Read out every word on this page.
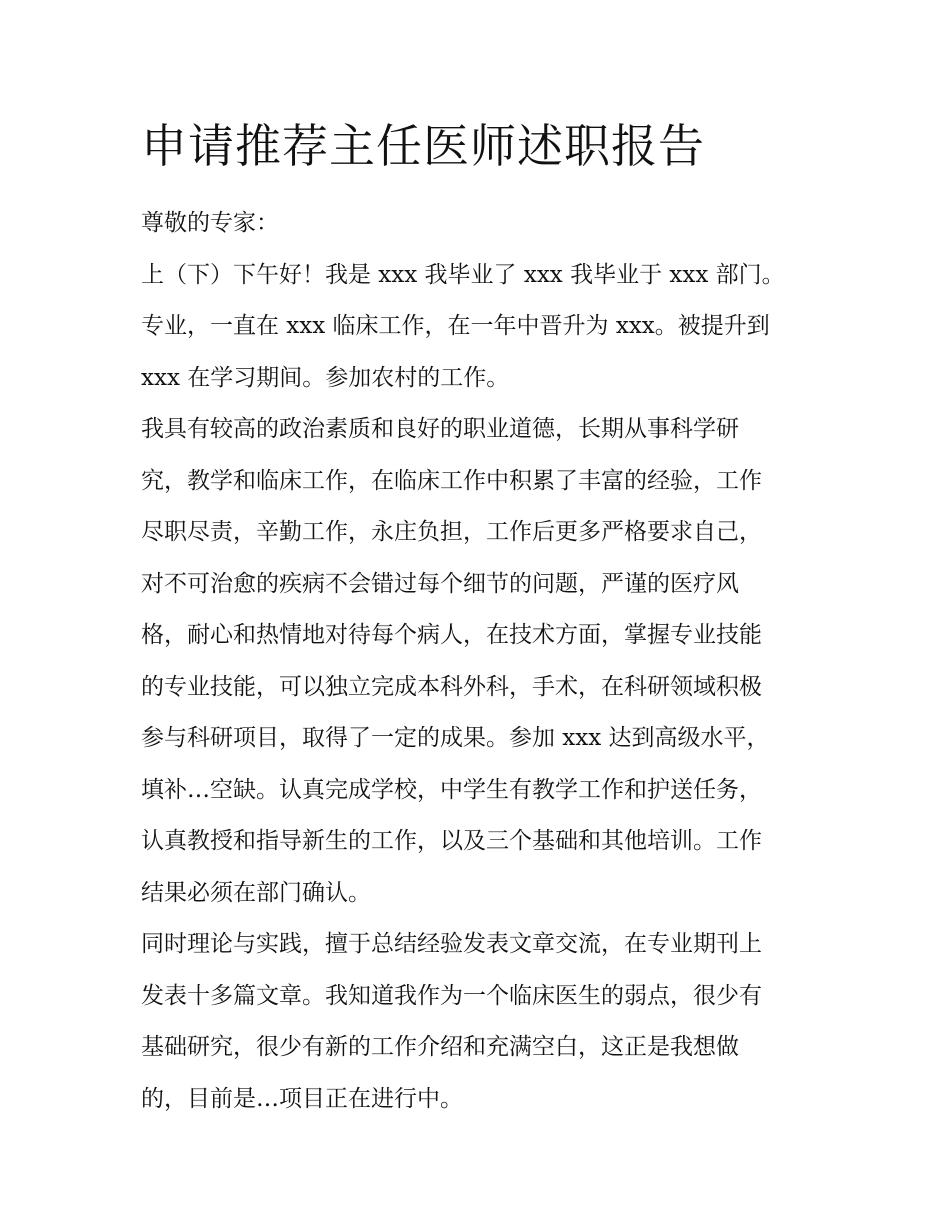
申请推荐主任医师述职报告
尊敬的专家：
上（下）下午好！我是 xxx 我毕业了 xxx 我毕业于 xxx 部门。
专业，一直在 xxx 临床工作，在一年中晋升为 xxx。被提升到
xxx 在学习期间。参加农村的工作。
我具有较高的政治素质和良好的职业道德，长期从事科学研
究，教学和临床工作，在临床工作中积累了丰富的经验，工作
尽职尽责，辛勤工作，永庄负担，工作后更多严格要求自己，
对不可治愈的疾病不会错过每个细节的问题，严谨的医疗风
格，耐心和热情地对待每个病人，在技术方面，掌握专业技能
的专业技能，可以独立完成本科外科，手术，在科研领域积极
参与科研项目，取得了一定的成果。参加 xxx 达到高级水平，
填补…空缺。认真完成学校，中学生有教学工作和护送任务，
认真教授和指导新生的工作，以及三个基础和其他培训。工作
结果必须在部门确认。
同时理论与实践，擅于总结经验发表文章交流，在专业期刊上
发表十多篇文章。我知道我作为一个临床医生的弱点，很少有
基础研究，很少有新的工作介绍和充满空白，这正是我想做
的，目前是…项目正在进行中。
